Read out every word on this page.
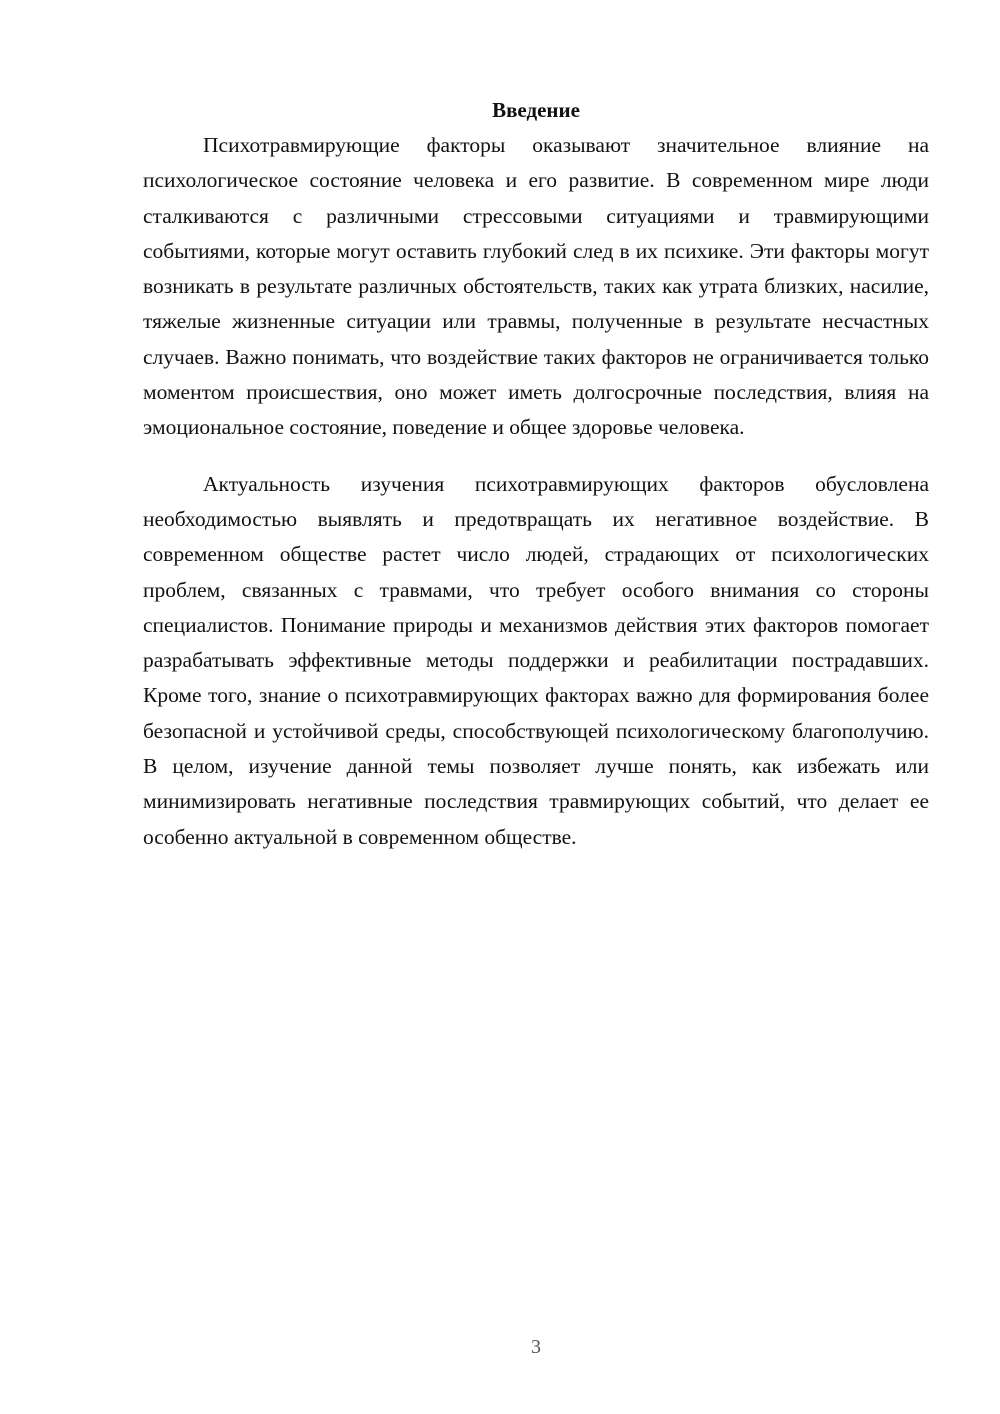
Введение

Психотравмирующие факторы оказывают значительное влияние на психологическое состояние человека и его развитие. В современном мире люди сталкиваются с различными стрессовыми ситуациями и травмирующими событиями, которые могут оставить глубокий след в их психике. Эти факторы могут возникать в результате различных обстоятельств, таких как утрата близких, насилие, тяжелые жизненные ситуации или травмы, полученные в результате несчастных случаев. Важно понимать, что воздействие таких факторов не ограничивается только моментом происшествия, оно может иметь долгосрочные последствия, влияя на эмоциональное состояние, поведение и общее здоровье человека.

Актуальность изучения психотравмирующих факторов обусловлена необходимостью выявлять и предотвращать их негативное воздействие. В современном обществе растет число людей, страдающих от психологических проблем, связанных с травмами, что требует особого внимания со стороны специалистов. Понимание природы и механизмов действия этих факторов помогает разрабатывать эффективные методы поддержки и реабилитации пострадавших. Кроме того, знание о психотравмирующих факторах важно для формирования более безопасной и устойчивой среды, способствующей психологическому благополучию. В целом, изучение данной темы позволяет лучше понять, как избежать или минимизировать негативные последствия травмирующих событий, что делает ее особенно актуальной в современном обществе.

3
